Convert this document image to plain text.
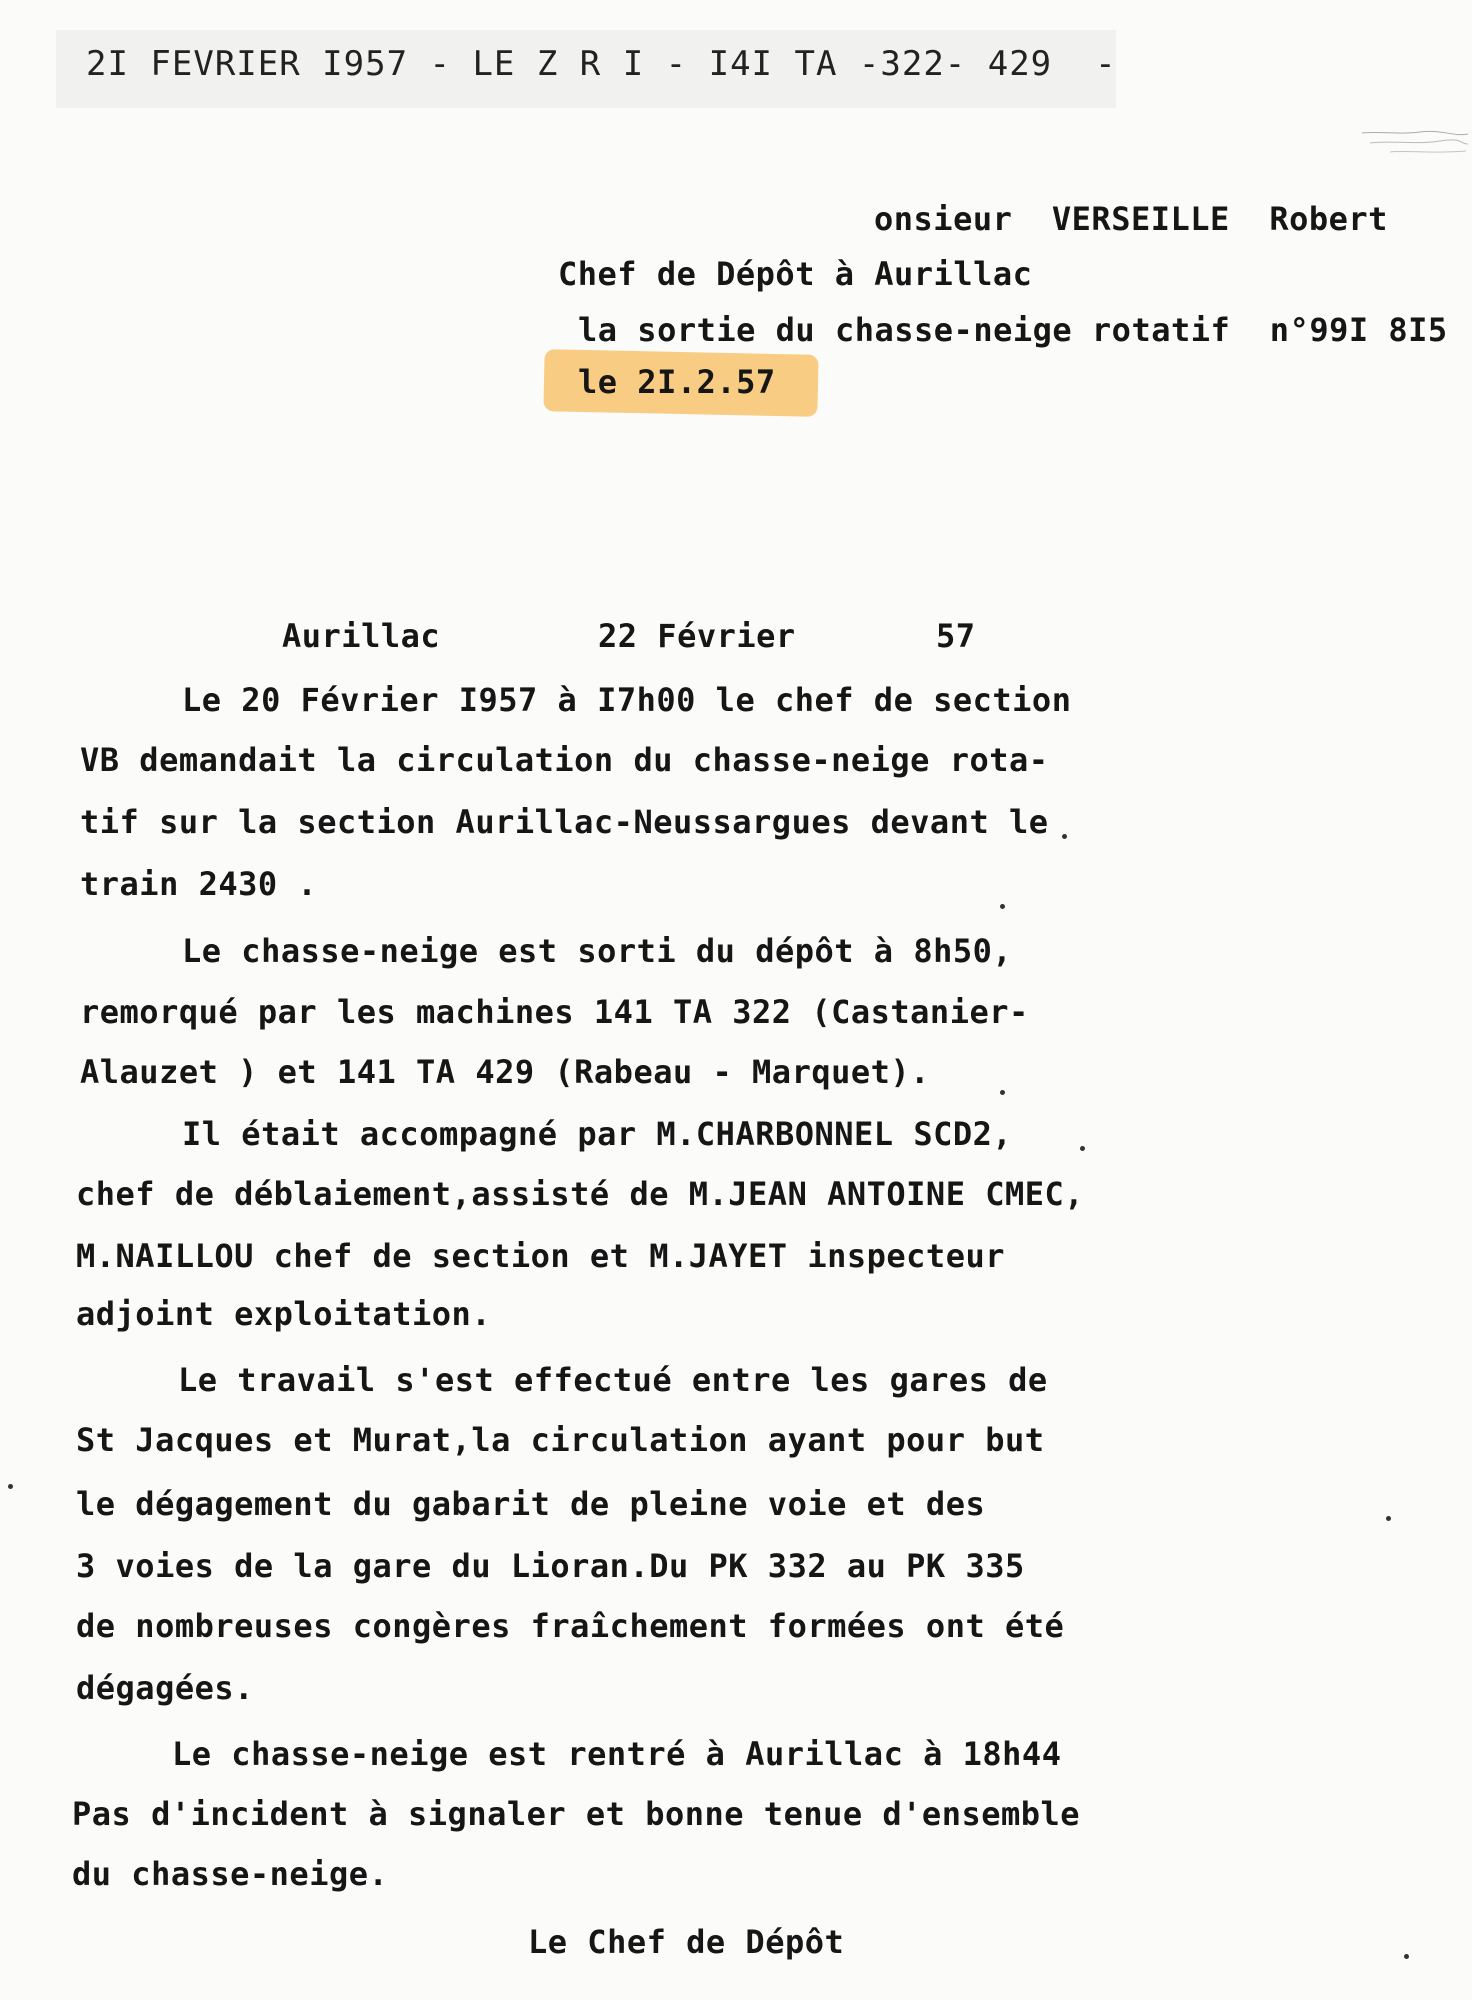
2I FEVRIER I957 - LE Z R I - I4I TA -322- 429  -
onsieur  VERSEILLE  Robert
Chef de Dépôt à Aurillac
la sortie du chasse-neige rotatif  n°99I 8I5
le 2I.2.57
Aurillac	22 Février	57
Le 20 Février I957 à I7h00 le chef de section
VB demandait la circulation du chasse-neige rota-
tif sur la section Aurillac-Neussargues devant le
train 2430 .
Le chasse-neige est sorti du dépôt à 8h50,
remorqué par les machines 141 TA 322 (Castanier-
Alauzet ) et 141 TA 429 (Rabeau - Marquet).
Il était accompagné par M.CHARBONNEL SCD2,
chef de déblaiement,assisté de M.JEAN ANTOINE CMEC,
M.NAILLOU chef de section et M.JAYET inspecteur
adjoint exploitation.
Le travail s'est effectué entre les gares de
St Jacques et Murat,la circulation ayant pour but
le dégagement du gabarit de pleine voie et des
3 voies de la gare du Lioran.Du PK 332 au PK 335
de nombreuses congères fraîchement formées ont été
dégagées.
Le chasse-neige est rentré à Aurillac à 18h44
Pas d'incident à signaler et bonne tenue d'ensemble
du chasse-neige.
Le Chef de Dépôt
